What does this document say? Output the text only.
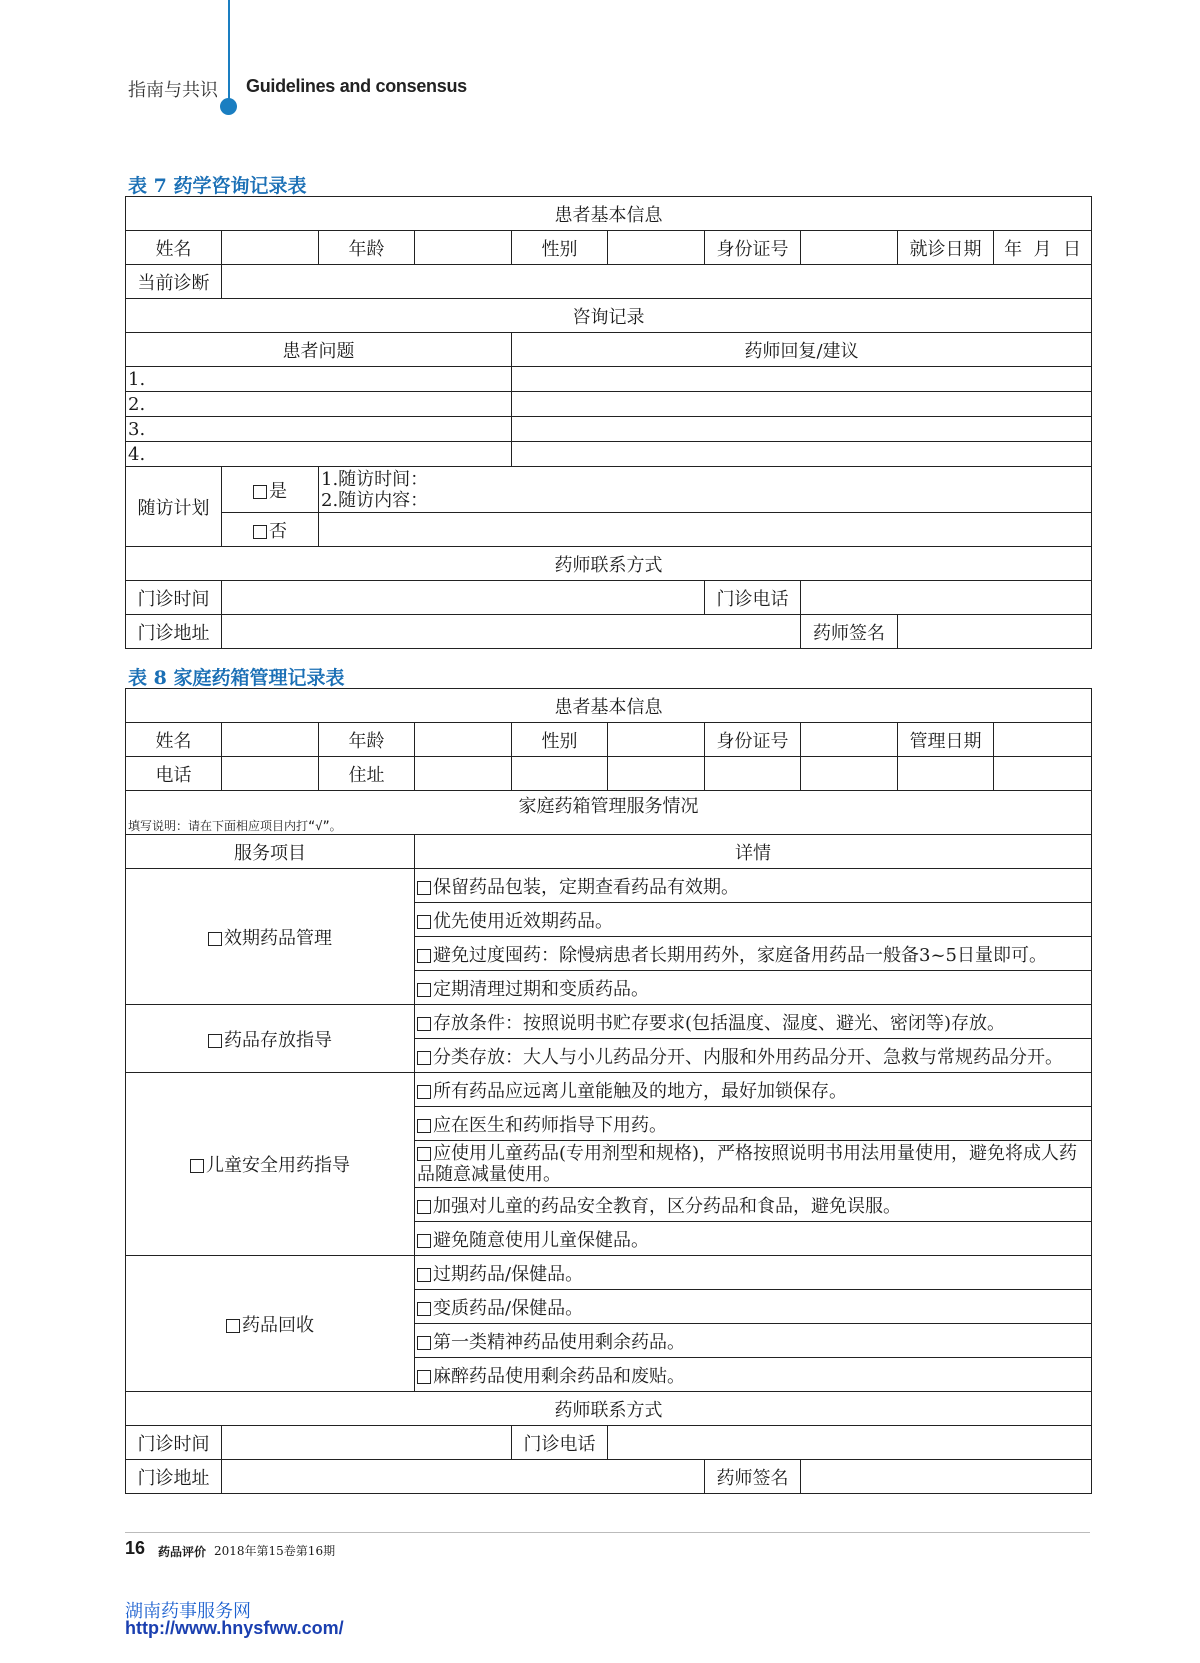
指南与共识 Guidelines and consensus
表 7 药学咨询记录表
患者基本信息									
姓名		年龄		性别		身份证号		就诊日期	年  月  日
当前诊断									
咨询记录									
患者问题				药师回复/建议					
1.									
2.									
3.									
4.									
随访计划	是	1.随访时间：
2.随访内容：							

	否								
药师联系方式									
门诊时间						门诊电话			
门诊地址							药师签名		
表 8 家庭药箱管理记录表
患者基本信息									
姓名		年龄		性别		身份证号		管理日期	
电话		住址							

家庭药箱管理服务情况
填写说明：请在下面相应项目内打“√”。									

服务项目			详情						
效期药品管理			保留药品包装，定期查看药品有效期。						
			优先使用近效期药品。						
			避免过度囤药：除慢病患者长期用药外，家庭备用药品一般备3~5日量即可。						
			定期清理过期和变质药品。						
药品存放指导			存放条件：按照说明书贮存要求(包括温度、湿度、避光、密闭等)存放。						
			分类存放：大人与小儿药品分开、内服和外用药品分开、急救与常规药品分开。						
儿童安全用药指导			所有药品应远离儿童能触及的地方，最好加锁保存。						
			应在医生和药师指导下用药。						
			应使用儿童药品(专用剂型和规格)，严格按照说明书用法用量使用，避免将成人药品随意减量使用。						
			加强对儿童的药品安全教育，区分药品和食品，避免误服。						
			避免随意使用儿童保健品。						
药品回收			过期药品/保健品。						
			变质药品/保健品。						
			第一类精神药品使用剩余药品。						
			麻醉药品使用剩余药品和废贴。						
药师联系方式									
门诊时间				门诊电话					
门诊地址						药师签名			
16 药品评价 2018年第15卷第16期
湖南药事服务网
http://www.hnysfww.com/
